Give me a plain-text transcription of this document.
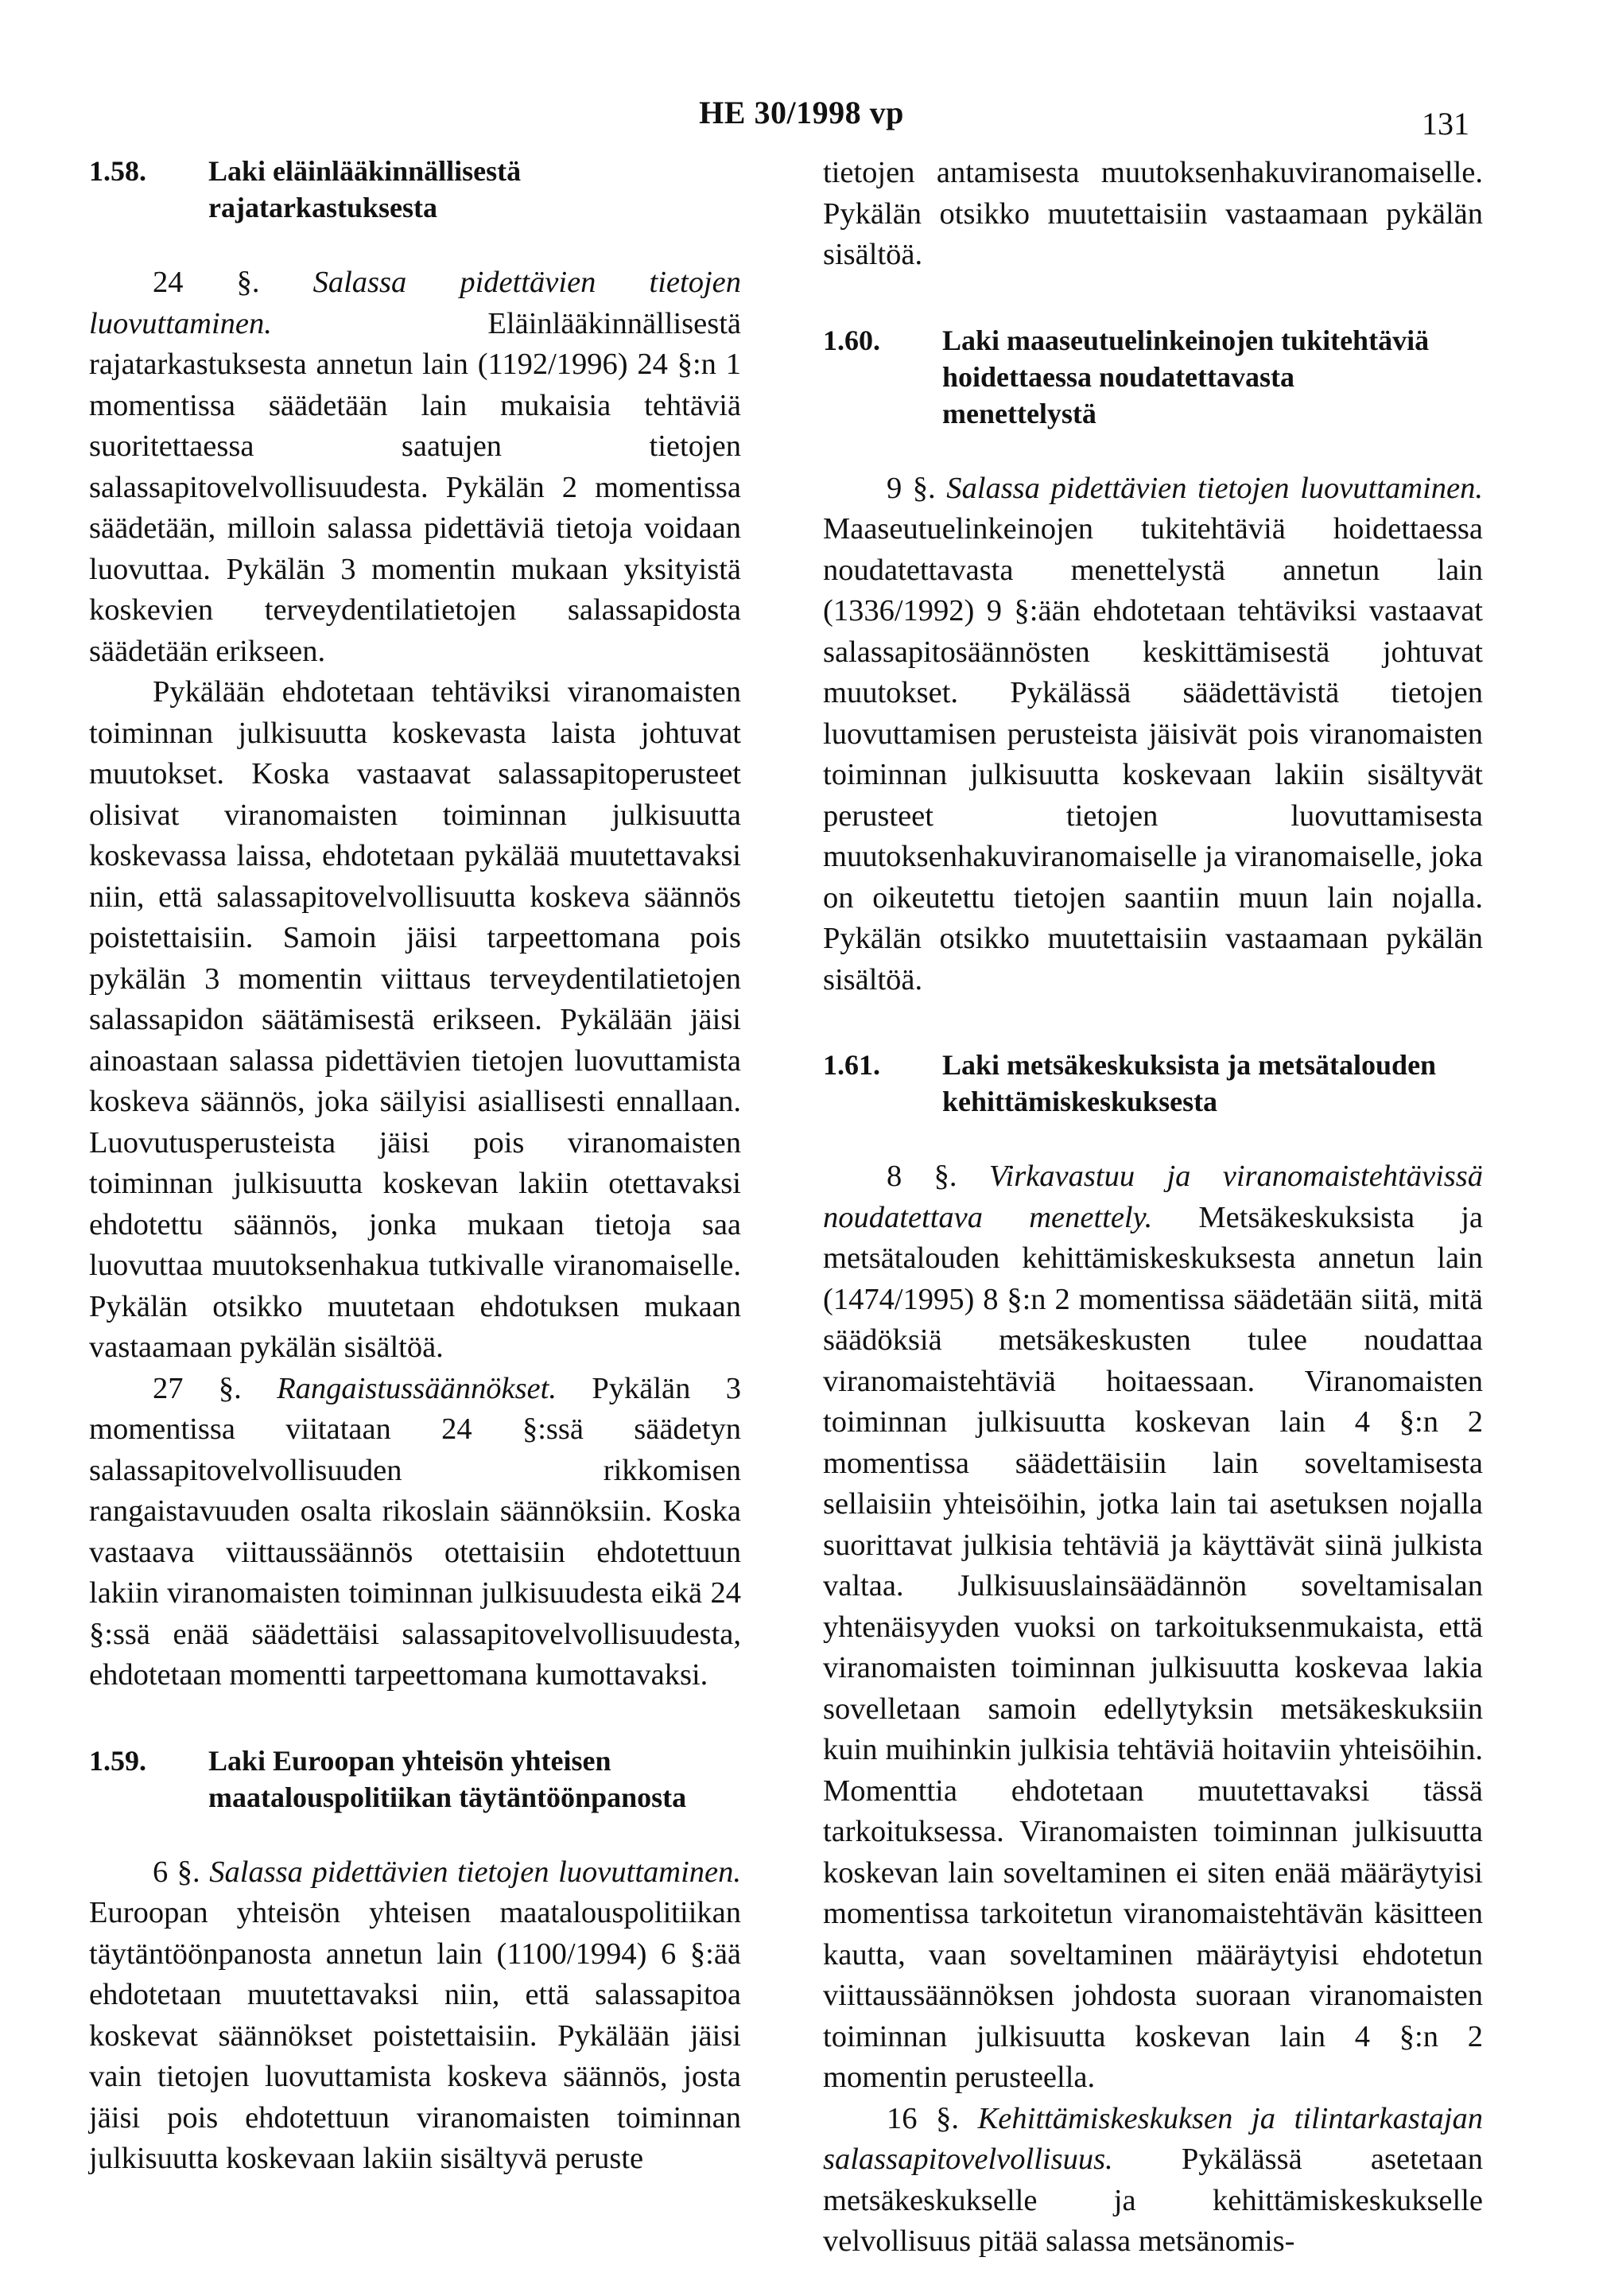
HE 30/1998 vp	131
1.58.	Laki eläinlääkinnällisestä rajatarkastuksesta

24 §. Salassa pidettävien tietojen luovuttaminen.	Eläinlääkinnällisestä rajatarkastuksesta annetun lain (1192/1996) 24 §:n 1 momentissa säädetään lain mukaisia tehtäviä suoritettaessa saatujen tietojen salassapitovelvollisuudesta. Pykälän 2 momentissa säädetään, milloin salassa pidettäviä tietoja voidaan luovuttaa. Pykälän 3 momentin mukaan yksityistä koskevien terveydentilatietojen salassapidosta säädetään erikseen.

Pykälään ehdotetaan tehtäviksi viranomaisten toiminnan julkisuutta koskevasta laista johtuvat muutokset. Koska vastaavat salassapitoperusteet olisivat viranomaisten toiminnan julkisuutta koskevassa laissa, ehdotetaan pykälää muutettavaksi niin, että salassapitovelvollisuutta koskeva säännös poistettaisiin. Samoin jäisi tarpeettomana pois pykälän 3 momentin viittaus terveydentilatietojen salassapidon säätämisestä erikseen. Pykälään jäisi ainoastaan salassa pidettävien tietojen luovuttamista koskeva säännös, joka säilyisi asiallisesti ennallaan. Luovutusperusteista jäisi pois viranomaisten toiminnan julkisuutta koskevan lakiin otettavaksi ehdotettu säännös, jonka mukaan tietoja saa luovuttaa muutoksenhakua tutkivalle viranomaiselle. Pykälän otsikko muutetaan ehdotuksen mukaan vastaamaan pykälän sisältöä.

27 §. Rangaistussäännökset. Pykälän 3 momentissa viitataan 24 §:ssä säädetyn salassapitovelvollisuuden rikkomisen rangaistavuuden osalta rikoslain säännöksiin. Koska vastaava viittaussäännös otettaisiin ehdotettuun lakiin viranomaisten toiminnan julkisuudesta eikä 24 §:ssä enää säädettäisi salassapitovelvollisuudesta, ehdotetaan momentti tarpeettomana kumottavaksi.

1.59.	Laki Euroopan yhteisön yhteisen maatalouspolitiikan täytäntöönpanosta

6 §. Salassa pidettävien tietojen luovuttaminen. Euroopan yhteisön yhteisen maatalouspolitiikan täytäntöönpanosta annetun lain (1100/1994) 6 §:ää ehdotetaan muutettavaksi niin, että salassapitoa koskevat säännökset poistettaisiin. Pykälään jäisi vain tietojen luovuttamista koskeva säännös, josta jäisi pois ehdotettuun viranomaisten toiminnan julkisuutta koskevaan lakiin sisältyvä peruste

tietojen antamisesta muutoksenhakuviranomaiselle. Pykälän otsikko muutettaisiin vastaamaan pykälän sisältöä.

1.60.	Laki maaseutuelinkeinojen tukitehtäviä hoidettaessa noudatettavasta menettelystä

9 §. Salassa pidettävien tietojen luovuttaminen. Maaseutuelinkeinojen tukitehtäviä hoidettaessa noudatettavasta menettelystä annetun lain (1336/1992) 9 §:ään ehdotetaan tehtäviksi vastaavat salassapitosäännösten keskittämisestä johtuvat muutokset. Pykälässä säädettävistä tietojen luovuttamisen perusteista jäisivät pois viranomaisten toiminnan julkisuutta koskevaan lakiin sisältyvät perusteet tietojen luovuttamisesta muutoksenhakuviranomaiselle ja viranomaiselle, joka on oikeutettu tietojen saantiin muun lain nojalla. Pykälän otsikko muutettaisiin vastaamaan pykälän sisältöä.

1.61.	Laki metsäkeskuksista ja metsätalouden kehittämiskeskuksesta

8 §. Virkavastuu ja viranomaistehtävissä noudatettava menettely. Metsäkeskuksista ja metsätalouden kehittämiskeskuksesta annetun lain (1474/1995) 8 §:n 2 momentissa säädetään siitä, mitä säädöksiä metsäkeskusten tulee noudattaa viranomaistehtäviä hoitaessaan. Viranomaisten toiminnan julkisuutta koskevan lain 4 §:n 2 momentissa säädettäisiin lain soveltamisesta sellaisiin yhteisöihin, jotka lain tai asetuksen nojalla suorittavat julkisia tehtäviä ja käyttävät siinä julkista valtaa. Julkisuuslainsäädännön soveltamisalan yhtenäisyyden vuoksi on tarkoituksenmukaista, että viranomaisten toiminnan julkisuutta koskevaa lakia sovelletaan samoin edellytyksin metsäkeskuksiin kuin muihinkin julkisia tehtäviä hoitaviin yhteisöihin. Momenttia ehdotetaan muutettavaksi tässä tarkoituksessa. Viranomaisten toiminnan julkisuutta koskevan lain soveltaminen ei siten enää määräytyisi momentissa tarkoitetun viranomaistehtävän käsitteen kautta, vaan soveltaminen määräytyisi ehdotetun viittaussäännöksen johdosta suoraan viranomaisten toiminnan julkisuutta koskevan lain 4 §:n 2 momentin perusteella.

16 §. Kehittämiskeskuksen ja tilintarkastajan salassapitovelvollisuus. Pykälässä asetetaan metsäkeskukselle ja kehittämiskeskukselle velvollisuus pitää salassa metsänomis-
